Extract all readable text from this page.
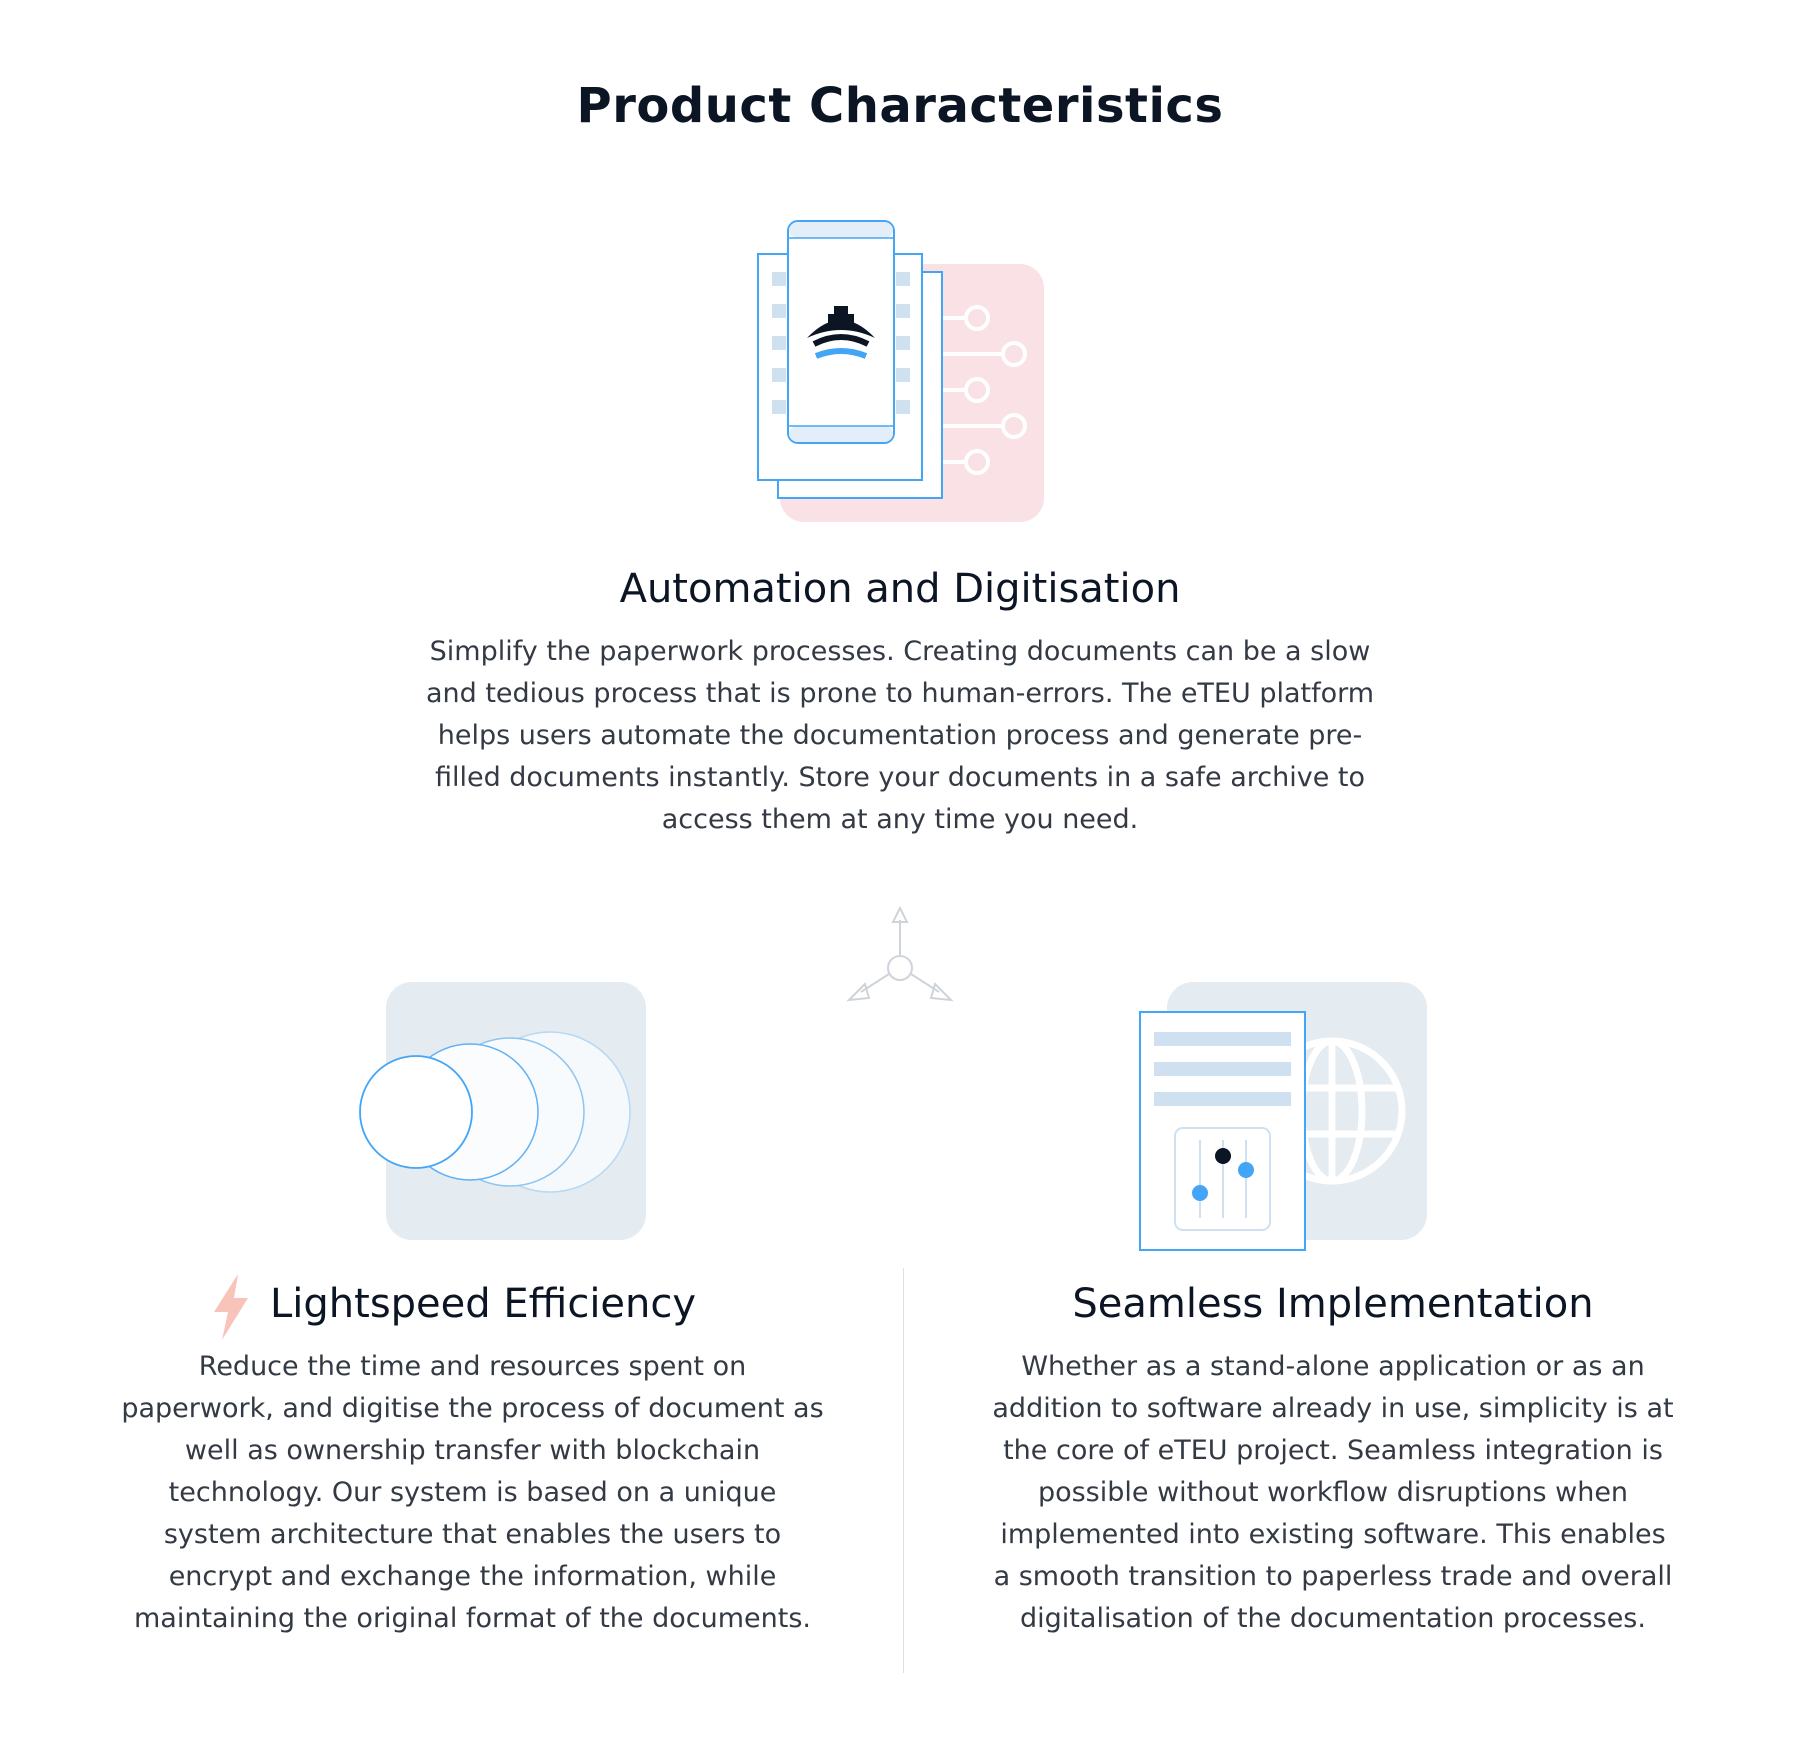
Product Characteristics
Automation and Digitisation

Simplify the paperwork processes. Creating documents can be a slow and tedious process that is prone to human-errors. The eTEU platform helps users automate the documentation process and generate pre-filled documents instantly. Store your documents in a safe archive to access them at any time you need.

Lightspeed Efficiency

Reduce the time and resources spent on paperwork, and digitise the process of document as well as ownership transfer with blockchain technology. Our system is based on a unique system architecture that enables the users to encrypt and exchange the information, while maintaining the original format of the documents.

Seamless Implementation

Whether as a stand-alone application or as an addition to software already in use, simplicity is at the core of eTEU project. Seamless integration is possible without workflow disruptions when implemented into existing software. This enables a smooth transition to paperless trade and overall digitalisation of the documentation processes.
